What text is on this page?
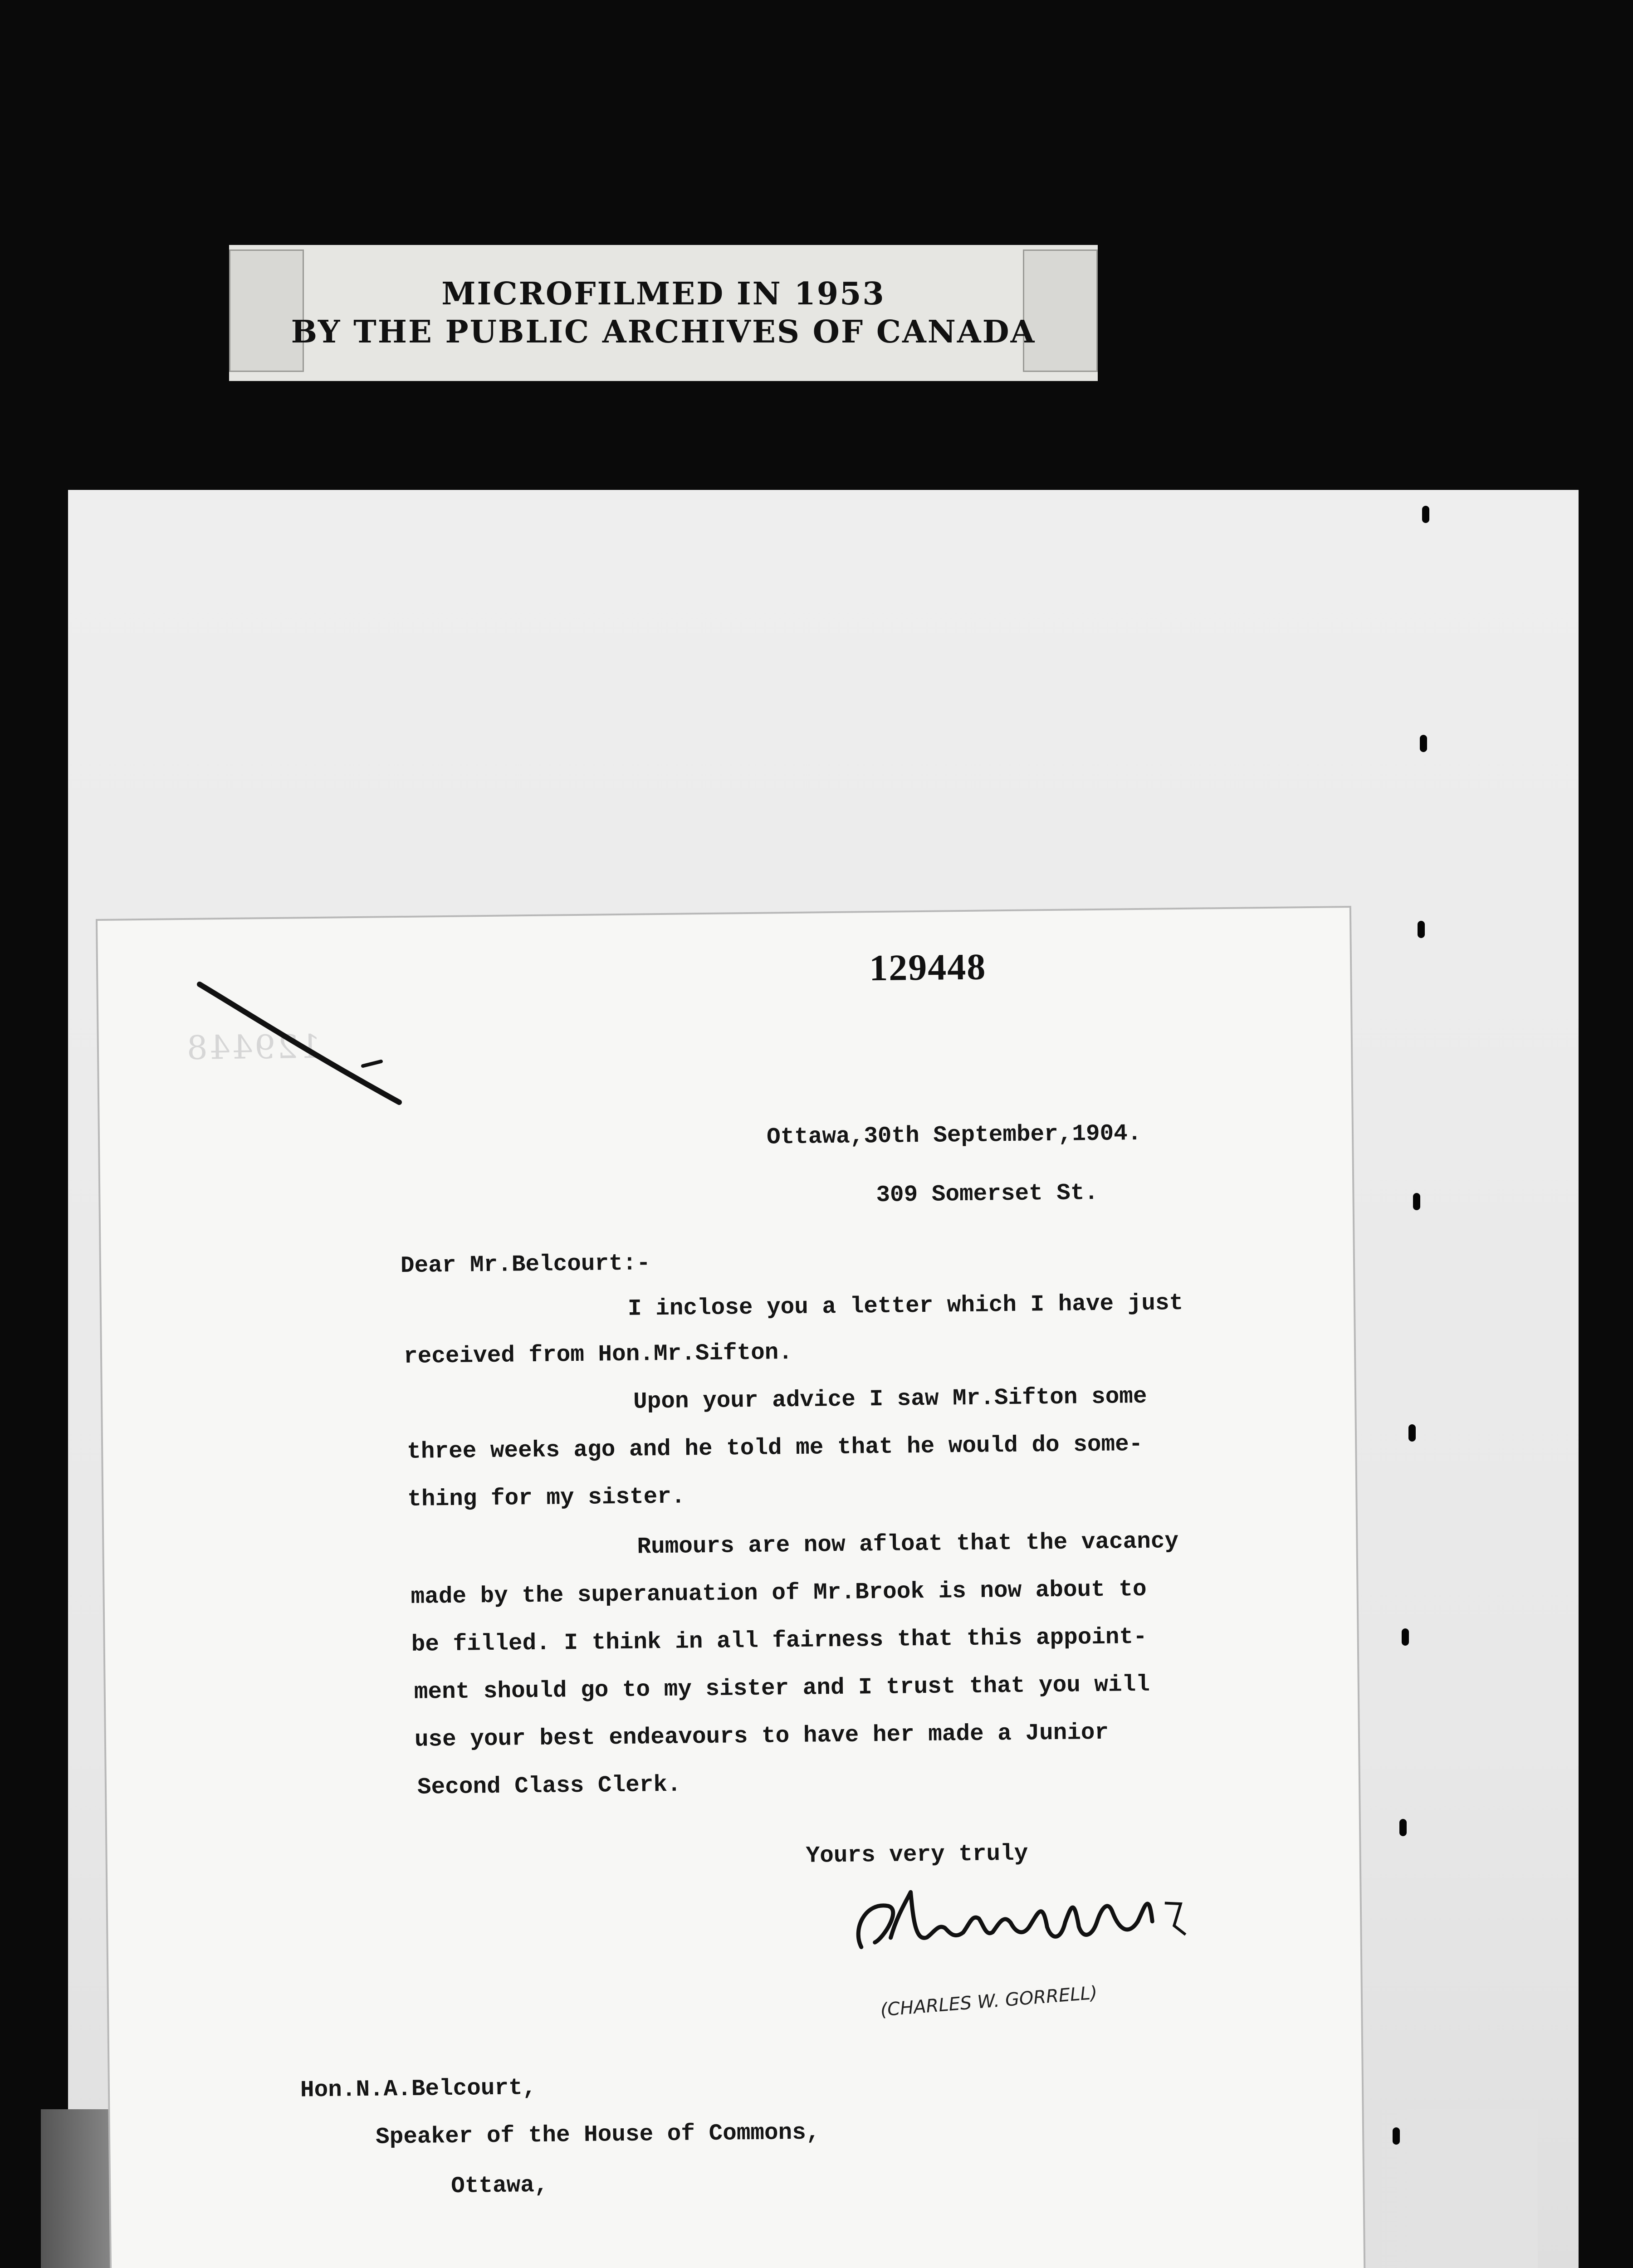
MICROFILMED IN 1953
BY THE PUBLIC ARCHIVES OF CANADA
129448
129448
Ottawa,30th September,1904.
309 Somerset St.
Dear Mr.Belcourt:-
I inclose you a letter which I have just
received from Hon.Mr.Sifton.
Upon your advice I saw Mr.Sifton some
three weeks ago and he told me that he would do some-
thing for my sister.
Rumours are now afloat that the vacancy
made by the superanuation of Mr.Brook is now about to
be filled. I think in all fairness that this appoint-
ment should go to my sister and I trust that you will
use your best endeavours to have her made a Junior
Second Class Clerk.
Yours very truly
(CHARLES W. GORRELL)
Hon.N.A.Belcourt,
Speaker of the House of Commons,
Ottawa,
